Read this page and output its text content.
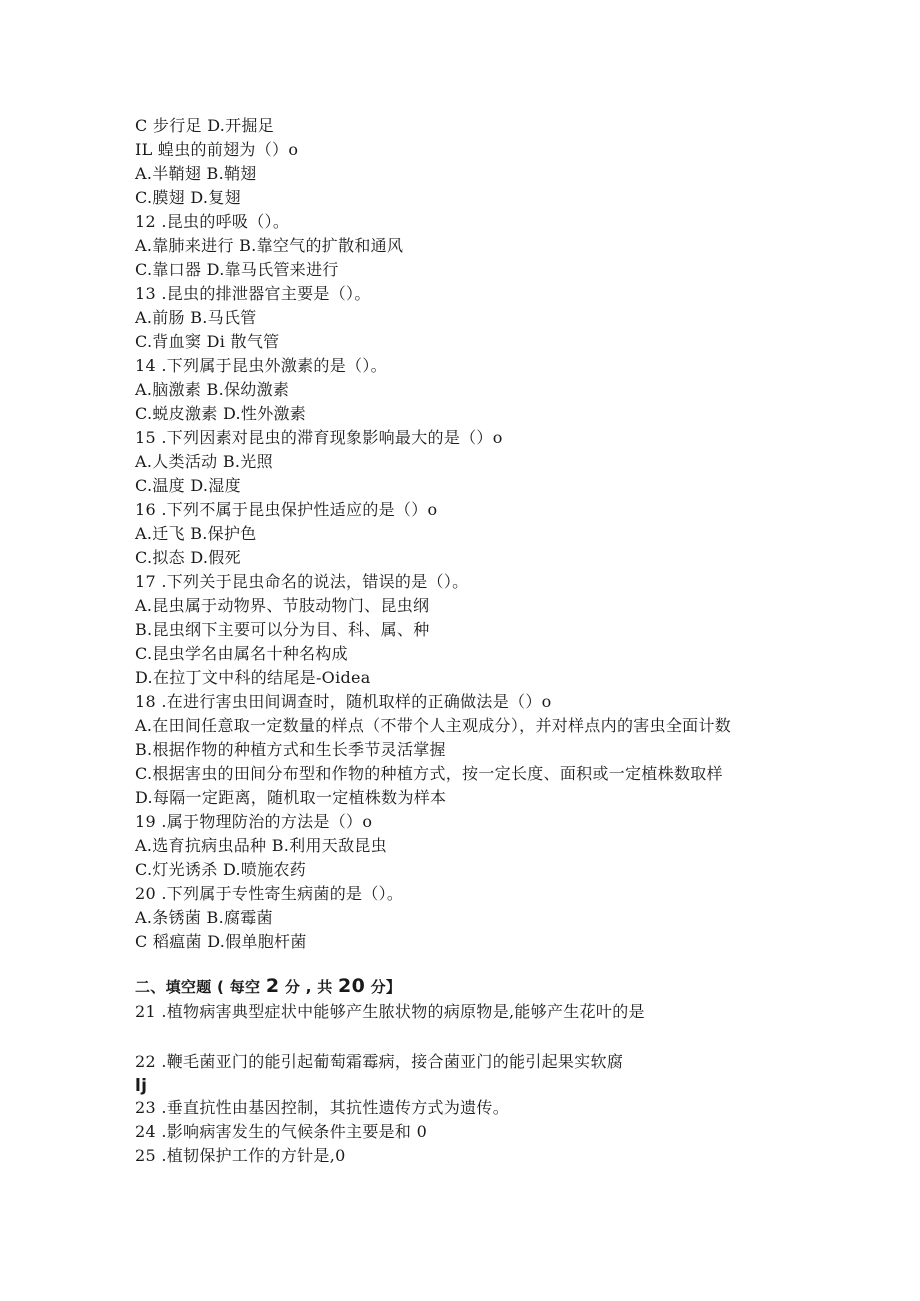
C 步行足 D.开掘足
IL 蝗虫的前翅为（）o
A.半鞘翅 B.鞘翅
C.膜翅 D.复翅
12 .昆虫的呼吸（）。
A.靠肺来进行 B.靠空气的扩散和通风
C.靠口器 D.靠马氏管来进行
13 .昆虫的排泄器官主要是（）。
A.前肠 B.马氏管
C.背血窦 Di 散气管
14 .下列属于昆虫外激素的是（）。
A.脑激素 B.保幼激素
C.蜕皮激素 D.性外激素
15 .下列因素对昆虫的滞育现象影响最大的是（）o
A.人类活动 B.光照
C.温度 D.湿度
16 .下列不属于昆虫保护性适应的是（）o
A.迁飞 B.保护色
C.拟态 D.假死
17 .下列关于昆虫命名的说法，错误的是（）。
A.昆虫属于动物界、节肢动物门、昆虫纲
B.昆虫纲下主要可以分为目、科、属、种
C.昆虫学名由属名十种名构成
D.在拉丁文中科的结尾是-Oidea
18 .在进行害虫田间调查时，随机取样的正确做法是（）o
A.在田间任意取一定数量的样点（不带个人主观成分），并对样点内的害虫全面计数
B.根据作物的种植方式和生长季节灵活掌握
C.根据害虫的田间分布型和作物的种植方式，按一定长度、面积或一定植株数取样
D.每隔一定距离，随机取一定植株数为样本
19 .属于物理防治的方法是（）o
A.选育抗病虫品种 B.利用天敌昆虫
C.灯光诱杀 D.喷施农药
20 .下列属于专性寄生病菌的是（）。
A.条锈菌 B.腐霉菌
C 稻瘟菌 D.假单胞杆菌
二、填空题 ( 每空 2 分 , 共 20 分】
21 .植物病害典型症状中能够产生脓状物的病原物是,能够产生花叶的是
22 .鞭毛菌亚门的能引起葡萄霜霉病，接合菌亚门的能引起果实软腐
lj
23 .垂直抗性由基因控制，其抗性遗传方式为遗传。
24 .影响病害发生的气候条件主要是和 0
25 .植韧保护工作的方针是,0
